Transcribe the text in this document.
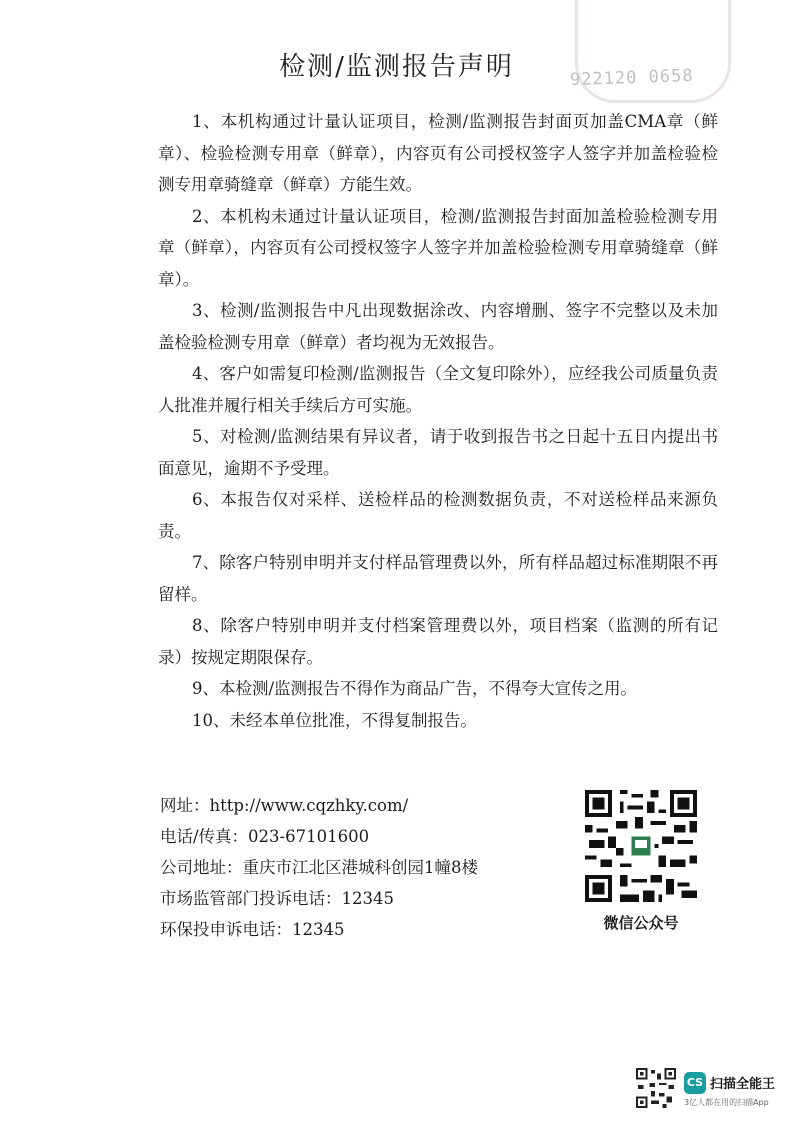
922120 0658
检测/监测报告声明

1、本机构通过计量认证项目，检测/监测报告封面页加盖CMA章（鲜章）、检验检测专用章（鲜章），内容页有公司授权签字人签字并加盖检验检测专用章骑缝章（鲜章）方能生效。

2、本机构未通过计量认证项目，检测/监测报告封面加盖检验检测专用章（鲜章），内容页有公司授权签字人签字并加盖检验检测专用章骑缝章（鲜章）。

3、检测/监测报告中凡出现数据涂改、内容增删、签字不完整以及未加盖检验检测专用章（鲜章）者均视为无效报告。

4、客户如需复印检测/监测报告（全文复印除外），应经我公司质量负责人批准并履行相关手续后方可实施。

5、对检测/监测结果有异议者，请于收到报告书之日起十五日内提出书面意见，逾期不予受理。

6、本报告仅对采样、送检样品的检测数据负责，不对送检样品来源负责。

7、除客户特别申明并支付样品管理费以外，所有样品超过标准期限不再留样。

8、除客户特别申明并支付档案管理费以外，项目档案（监测的所有记录）按规定期限保存。

9、本检测/监测报告不得作为商品广告，不得夸大宣传之用。

10、未经本单位批准，不得复制报告。

网址：http://www.cqzhky.com/
电话/传真：023-67101600
公司地址：重庆市江北区港城科创园1幢8楼
市场监管部门投诉电话：12345
环保投申诉电话：12345	微信公众号
CS 扫描全能王
3亿人都在用的扫描App
